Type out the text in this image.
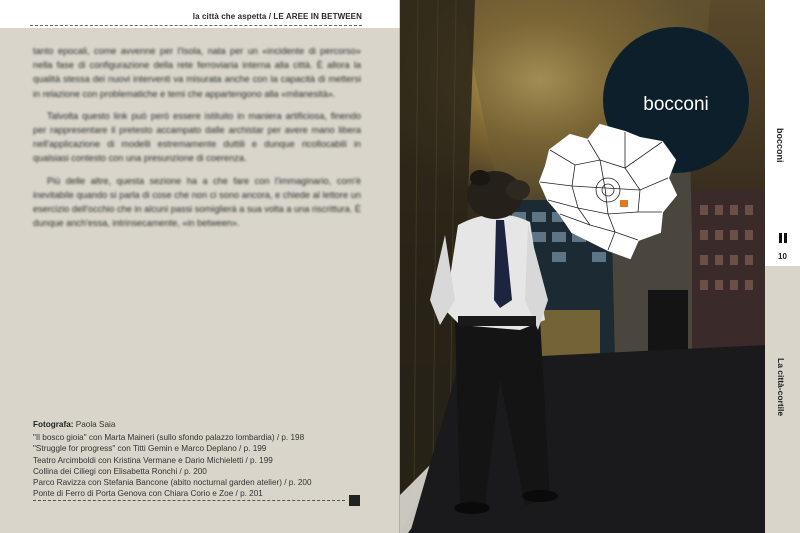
la città che aspetta / LE AREE IN BETWEEN

tanto epocali, come avvenne per l'Isola, nata per un «incidente di percorso» nella fase di configurazione della rete ferroviaria interna alla città. È allora la qualità stessa dei nuovi interventi va misurata anche con la capacità di mettersi in relazione con problematiche e temi che appartengono alla «milanesità».

Talvolta questo link può però essere istituito in maniera artificiosa, finendo per rappresentare il pretesto accampato dalle archistar per avere mano libera nell'applicazione di modelli estremamente duttili e dunque ricollocabili in qualsiasi contesto con una presunzione di coerenza.

Più delle altre, questa sezione ha a che fare con l'immaginario, com'è inevitabile quando si parla di cose che non ci sono ancora, e chiede al lettore un esercizio dell'occhio che in alcuni passi somiglierà a sua volta a una riscrittura. È dunque anch'essa, intrinsecamente, «in between».

Fotografa: Paola Saia
"Il bosco gioia" con Marta Maineri (sullo sfondo palazzo lombardia) / p. 198
"Struggle for progress" con Titti Gemin e Marco Deplano / p. 199
Teatro Arcimboldi con Kristina Vermane e Dario Michieletti / p. 199
Collina dei Ciliegi con Elisabetta Ronchi / p. 200
Parco Ravizza con Stefania Bancone (abito nocturnal garden atelier) / p. 200
Ponte di Ferro di Porta Genova con Chiara Corio e Zoe / p. 201
bocconi
bocconi
10
La città-cortile
